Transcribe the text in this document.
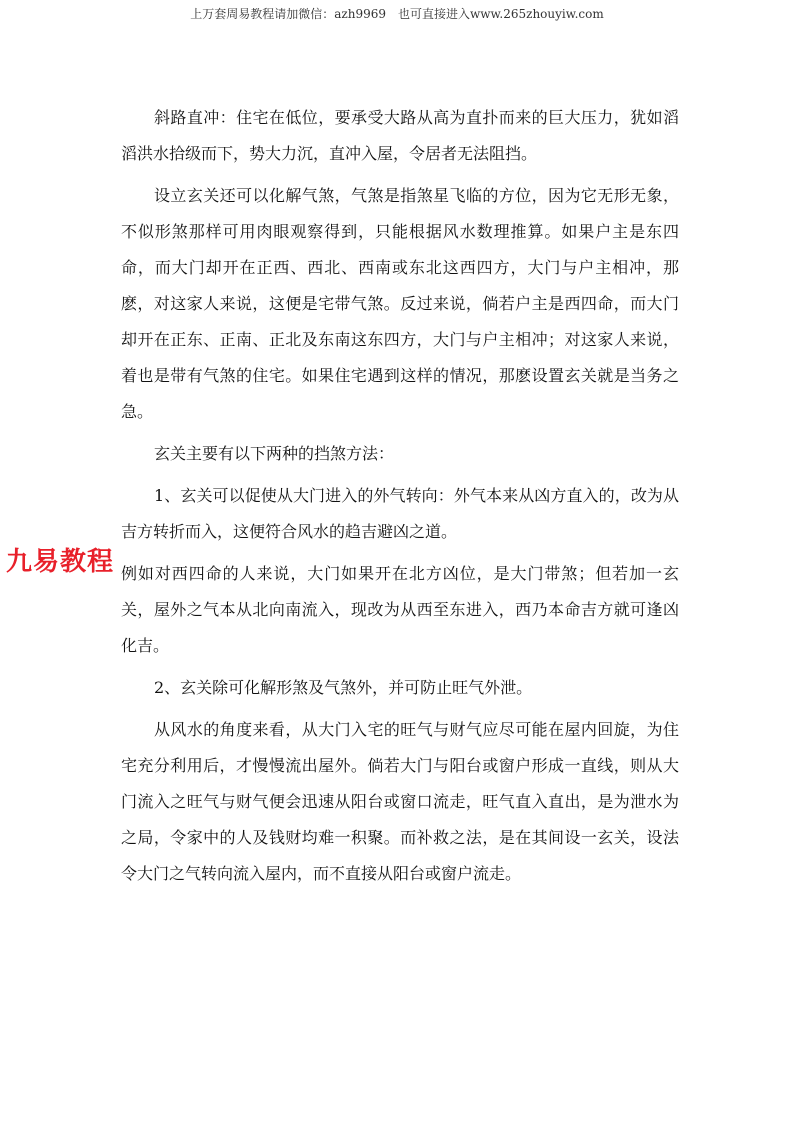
上万套周易教程请加微信：azh9969　也可直接进入www.265zhouyiw.com
九易教程

斜路直冲：住宅在低位，要承受大路从高为直扑而来的巨大压力，犹如滔滔洪水拾级而下，势大力沉，直冲入屋，令居者无法阻挡。

设立玄关还可以化解气煞，气煞是指煞星飞临的方位，因为它无形无象，不似形煞那样可用肉眼观察得到，只能根据风水数理推算。如果户主是东四命，而大门却开在正西、西北、西南或东北这西四方，大门与户主相冲，那麽，对这家人来说，这便是宅带气煞。反过来说，倘若户主是西四命，而大门却开在正东、正南、正北及东南这东四方，大门与户主相冲；对这家人来说，着也是带有气煞的住宅。如果住宅遇到这样的情况，那麽设置玄关就是当务之急。

玄关主要有以下两种的挡煞方法：

1、玄关可以促使从大门进入的外气转向：外气本来从凶方直入的，改为从吉方转折而入，这便符合风水的趋吉避凶之道。

例如对西四命的人来说，大门如果开在北方凶位，是大门带煞；但若加一玄关，屋外之气本从北向南流入，现改为从西至东进入，西乃本命吉方就可逢凶化吉。

2、玄关除可化解形煞及气煞外，并可防止旺气外泄。

从风水的角度来看，从大门入宅的旺气与财气应尽可能在屋内回旋，为住宅充分利用后，才慢慢流出屋外。倘若大门与阳台或窗户形成一直线，则从大门流入之旺气与财气便会迅速从阳台或窗口流走，旺气直入直出，是为泄水为之局，令家中的人及钱财均难一积聚。而补救之法，是在其间设一玄关，设法令大门之气转向流入屋内，而不直接从阳台或窗户流走。
